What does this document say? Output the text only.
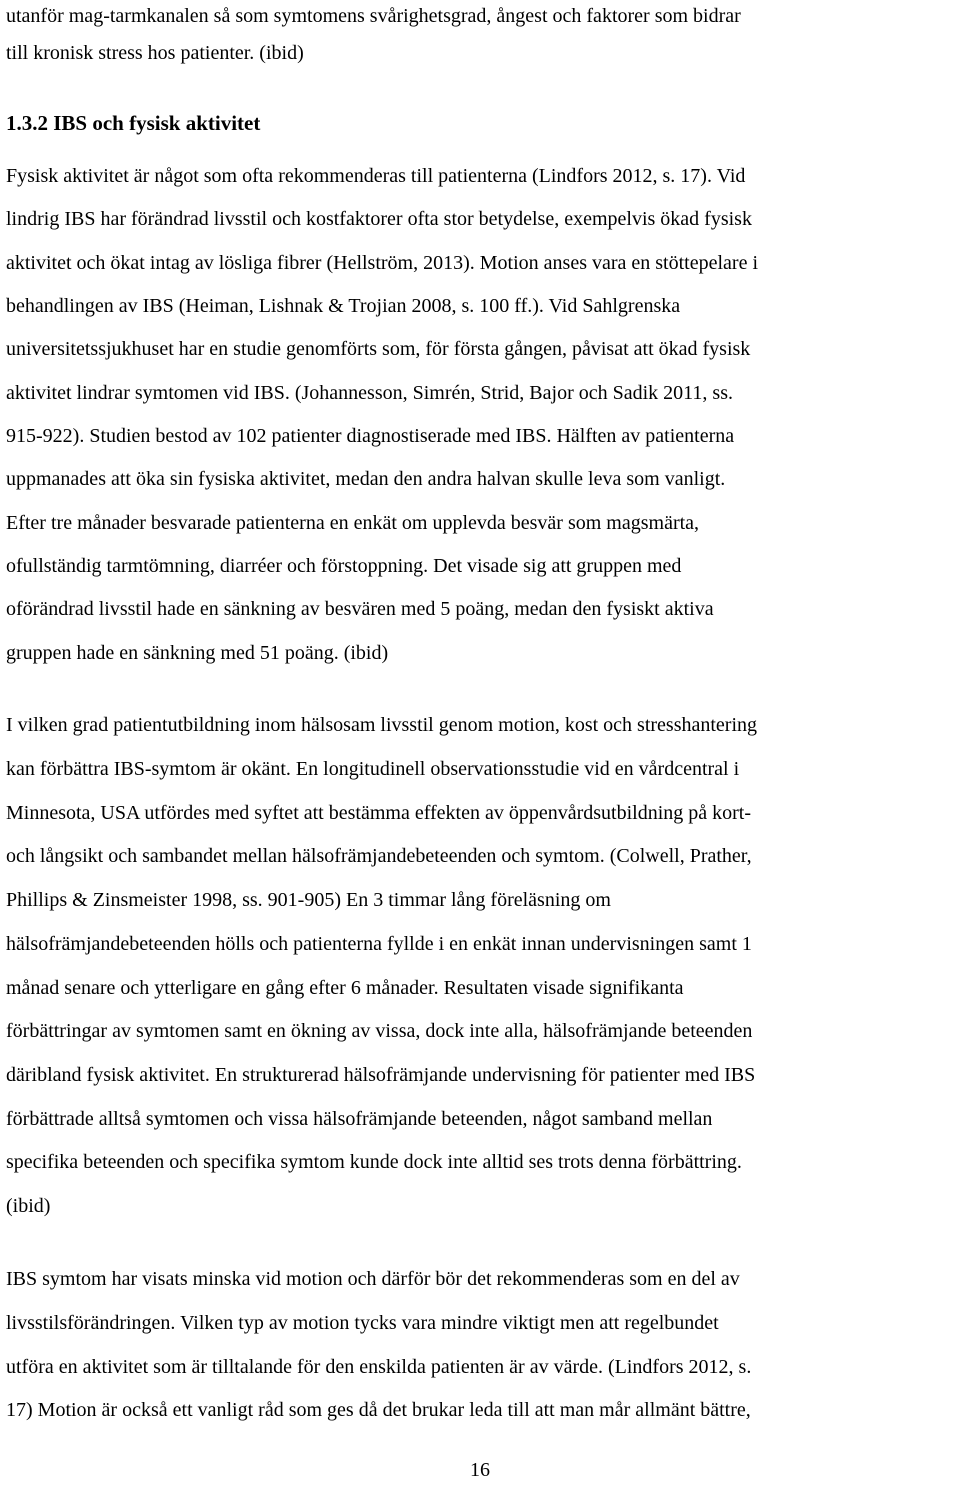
utanför mag-tarmkanalen så som symtomens svårighetsgrad, ångest och faktorer som bidrar
till kronisk stress hos patienter. (ibid)
1.3.2 IBS och fysisk aktivitet
Fysisk aktivitet är något som ofta rekommenderas till patienterna (Lindfors 2012, s. 17). Vid
lindrig IBS har förändrad livsstil och kostfaktorer ofta stor betydelse, exempelvis ökad fysisk
aktivitet och ökat intag av lösliga fibrer (Hellström, 2013). Motion anses vara en stöttepelare i
behandlingen av IBS (Heiman, Lishnak & Trojian 2008, s. 100 ff.). Vid Sahlgrenska
universitetssjukhuset har en studie genomförts som, för första gången, påvisat att ökad fysisk
aktivitet lindrar symtomen vid IBS. (Johannesson, Simrén, Strid, Bajor och Sadik 2011, ss.
915-922). Studien bestod av 102 patienter diagnostiserade med IBS. Hälften av patienterna
uppmanades att öka sin fysiska aktivitet, medan den andra halvan skulle leva som vanligt.
Efter tre månader besvarade patienterna en enkät om upplevda besvär som magsmärta,
ofullständig tarmtömning, diarréer och förstoppning. Det visade sig att gruppen med
oförändrad livsstil hade en sänkning av besvären med 5 poäng, medan den fysiskt aktiva
gruppen hade en sänkning med 51 poäng. (ibid)
I vilken grad patientutbildning inom hälsosam livsstil genom motion, kost och stresshantering
kan förbättra IBS-symtom är okänt. En longitudinell observationsstudie vid en vårdcentral i
Minnesota, USA utfördes med syftet att bestämma effekten av öppenvårdsutbildning på kort-
och långsikt och sambandet mellan hälsofrämjandebeteenden och symtom. (Colwell, Prather,
Phillips & Zinsmeister 1998, ss. 901-905) En 3 timmar lång föreläsning om
hälsofrämjandebeteenden hölls och patienterna fyllde i en enkät innan undervisningen samt 1
månad senare och ytterligare en gång efter 6 månader. Resultaten visade signifikanta
förbättringar av symtomen samt en ökning av vissa, dock inte alla, hälsofrämjande beteenden
däribland fysisk aktivitet. En strukturerad hälsofrämjande undervisning för patienter med IBS
förbättrade alltså symtomen och vissa hälsofrämjande beteenden, något samband mellan
specifika beteenden och specifika symtom kunde dock inte alltid ses trots denna förbättring.
(ibid)
IBS symtom har visats minska vid motion och därför bör det rekommenderas som en del av
livsstilsförändringen. Vilken typ av motion tycks vara mindre viktigt men att regelbundet
utföra en aktivitet som är tilltalande för den enskilda patienten är av värde. (Lindfors 2012, s.
17) Motion är också ett vanligt råd som ges då det brukar leda till att man mår allmänt bättre,
16
